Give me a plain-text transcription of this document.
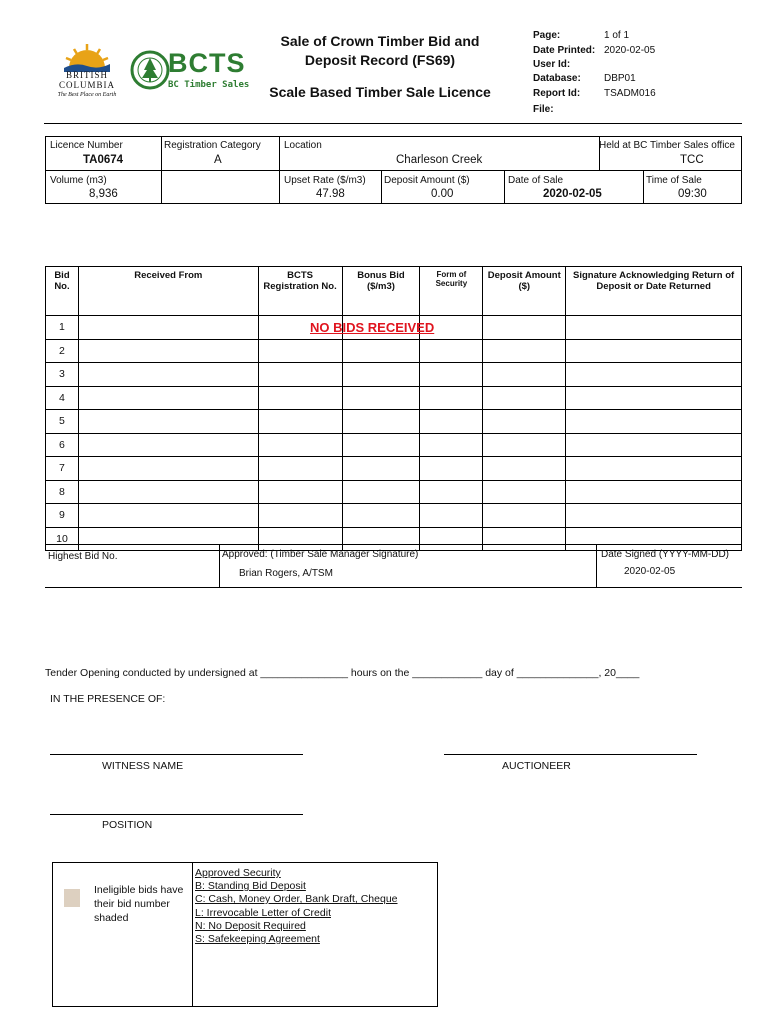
BRITISH
COLUMBIA
The Best Place on Earth
BCTS
BC Timber Sales
Sale of Crown Timber Bid and Deposit Record (FS69)
Scale Based Timber Sale Licence
Page:	1 of 1
Date Printed: 2020-02-05
User Id:
Database: DBP01
Report Id: TSADM016
File:
Licence Number
TA0674
Registration Category
A
Location
Charleson Creek
Held at BC Timber Sales office
TCC
Volume (m3)
8,936
Upset Rate ($/m3)
47.98
Deposit Amount ($)
0.00
Date of Sale
2020-02-05
Time of Sale
09:30
Bid No.	Received From	BCTS Registration No.	Bonus Bid ($/m3)	Form of Security	Deposit Amount ($)	Signature Acknowledging Return of Deposit or Date Returned
1						
2						
3						
4						
5						
6						
7						
8						
9						
10						
NO BIDS RECEIVED
Highest Bid No.	Approved: (Timber Sale Manager Signature)
Brian Rogers, A/TSM
Date Signed (YYYY-MM-DD)
2020-02-05
Tender Opening conducted by undersigned at _______________ hours on the ____________ day of ______________, 20____
IN THE PRESENCE OF:
WITNESS NAME	AUCTIONEER
POSITION
Ineligible bids have their bid number shaded
Approved Security
B: Standing Bid Deposit
C: Cash, Money Order, Bank Draft, Cheque
L: Irrevocable Letter of Credit
N: No Deposit Required
S: Safekeeping Agreement
